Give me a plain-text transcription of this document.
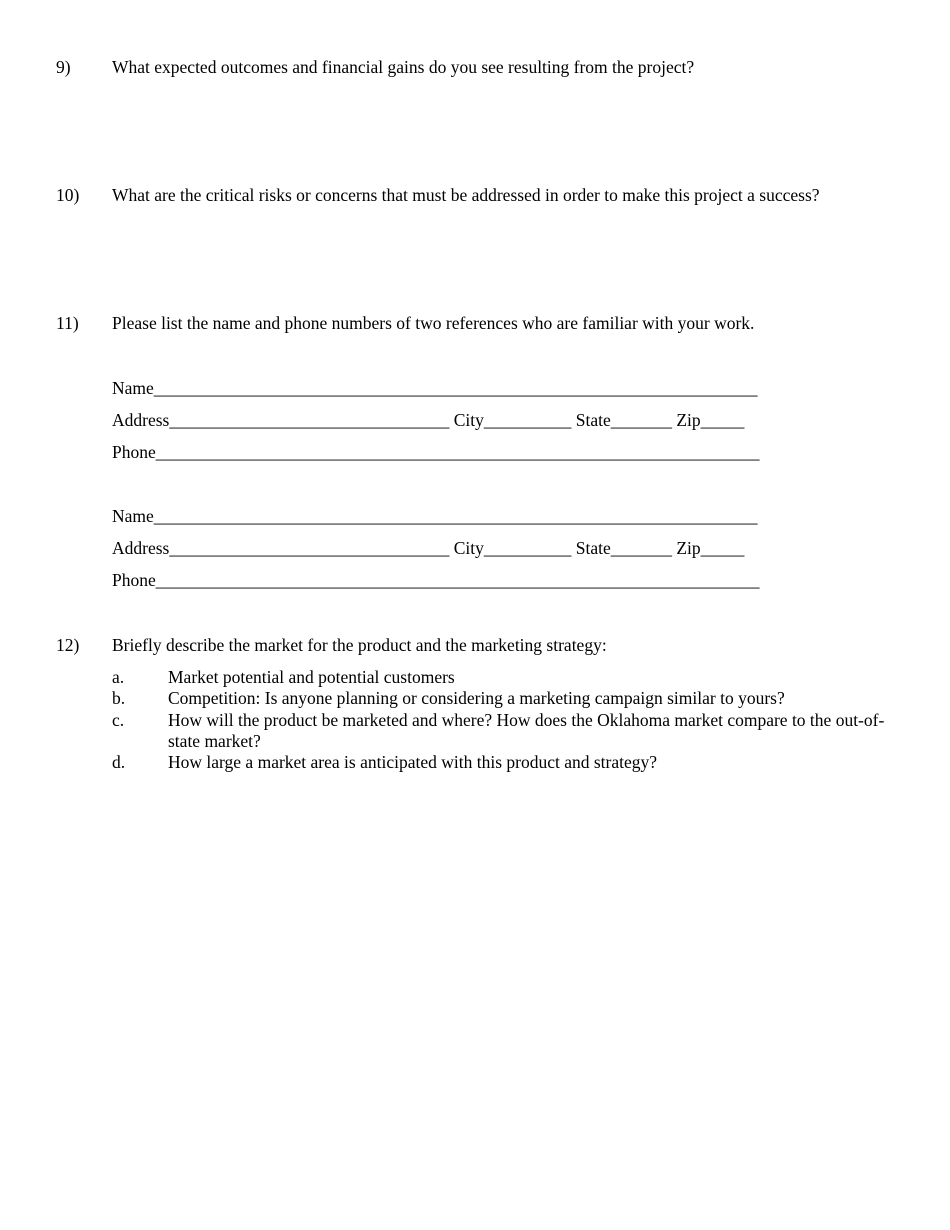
9) What expected outcomes and financial gains do you see resulting from the project?
10) What are the critical risks or concerns that must be addressed in order to make this project a success?
11) Please list the name and phone numbers of two references who are familiar with your work.
Name_____________________________________________________________________
Address________________________________ City__________ State_______ Zip_____
Phone_____________________________________________________________________
Name_____________________________________________________________________
Address________________________________ City__________ State_______ Zip_____
Phone_____________________________________________________________________
12) Briefly describe the market for the product and the marketing strategy:
a.	Market potential and potential customers
b. Competition: Is anyone planning or considering a marketing campaign similar to yours?
c.	How will the product be marketed and where? How does the Oklahoma market compare to the out-of-state market?
d. How large a market area is anticipated with this product and strategy?
